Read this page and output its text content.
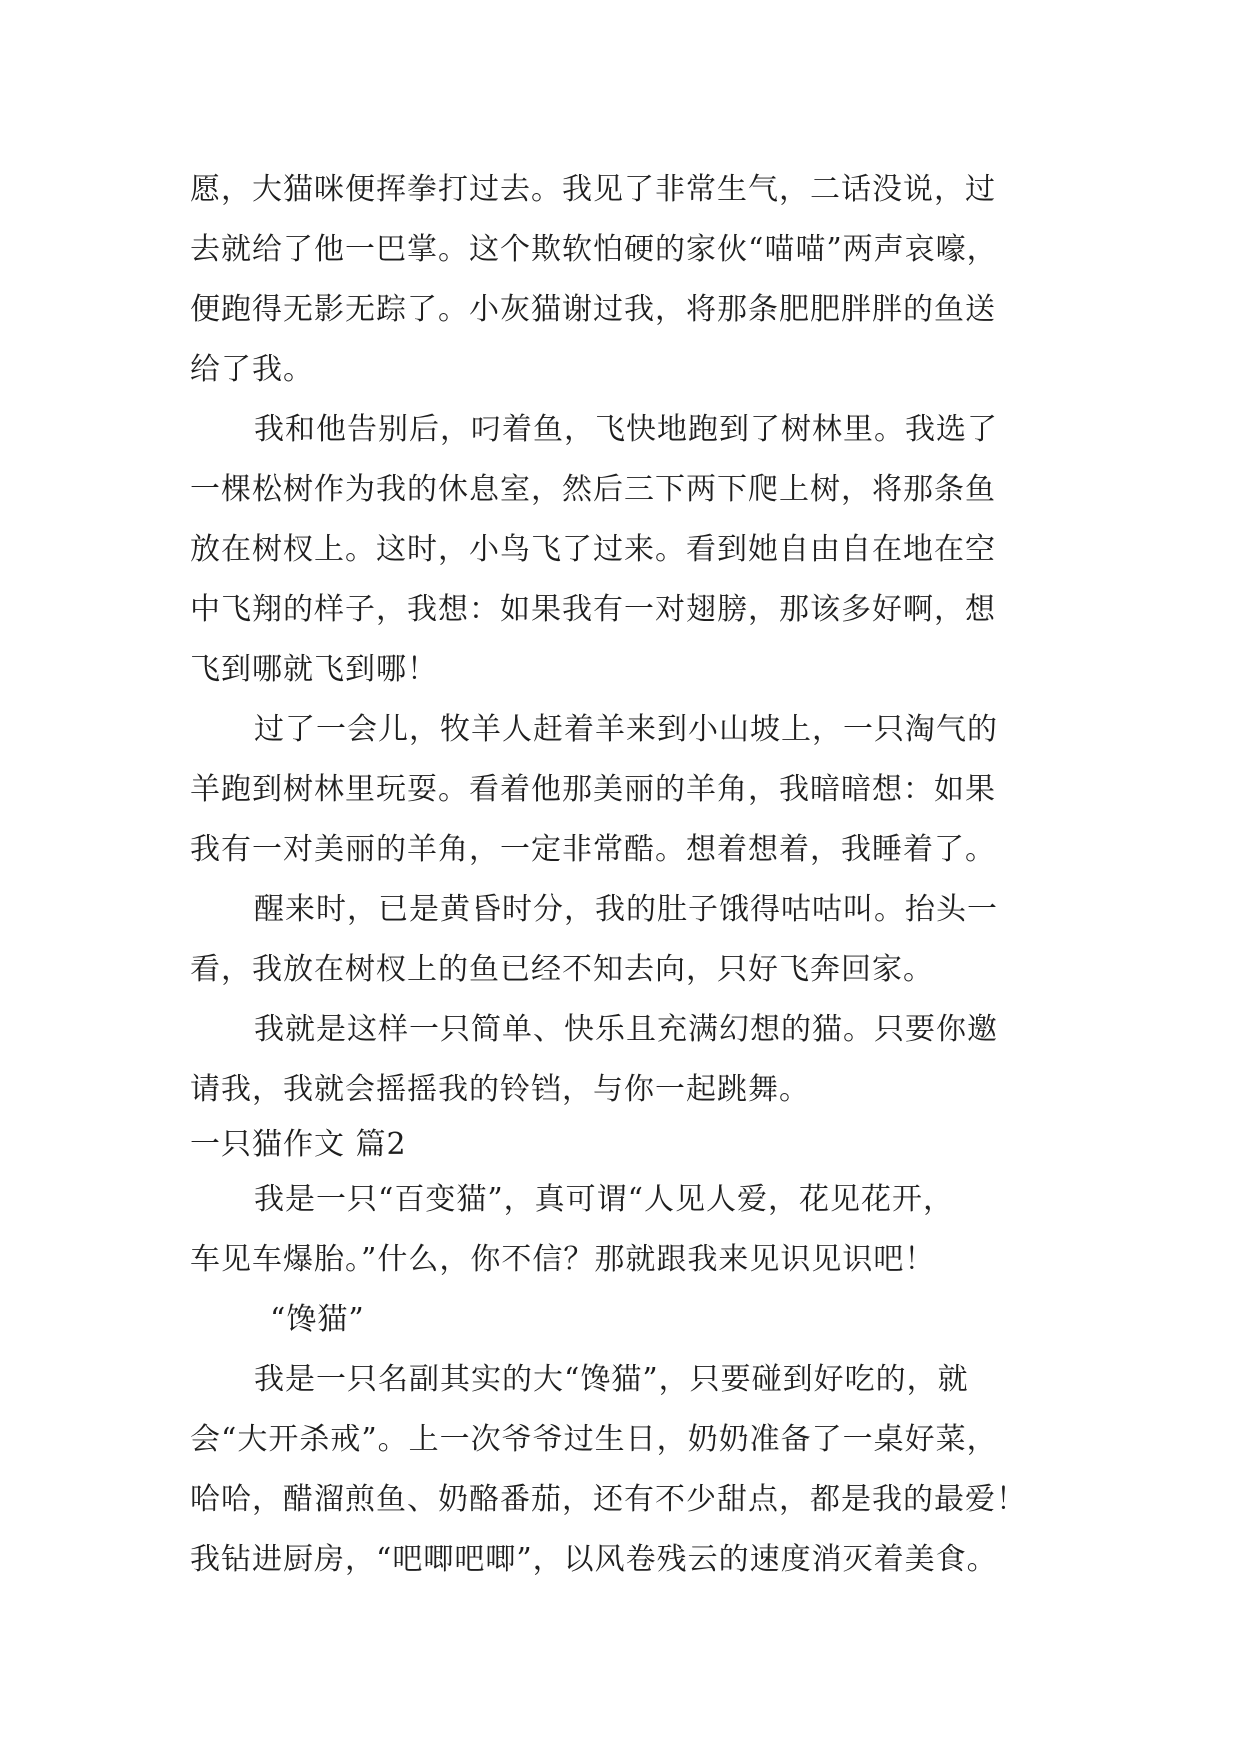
愿，大猫咪便挥拳打过去。我见了非常生气，二话没说，过
去就给了他一巴掌。这个欺软怕硬的家伙“喵喵”两声哀嚎，
便跑得无影无踪了。小灰猫谢过我，将那条肥肥胖胖的鱼送
给了我。
我和他告别后，叼着鱼，飞快地跑到了树林里。我选了
一棵松树作为我的休息室，然后三下两下爬上树，将那条鱼
放在树杈上。这时，小鸟飞了过来。看到她自由自在地在空
中飞翔的样子，我想：如果我有一对翅膀，那该多好啊，想
飞到哪就飞到哪！
过了一会儿，牧羊人赶着羊来到小山坡上，一只淘气的
羊跑到树林里玩耍。看着他那美丽的羊角，我暗暗想：如果
我有一对美丽的羊角，一定非常酷。想着想着，我睡着了。
醒来时，已是黄昏时分，我的肚子饿得咕咕叫。抬头一
看，我放在树杈上的鱼已经不知去向，只好飞奔回家。
我就是这样一只简单、快乐且充满幻想的猫。只要你邀
请我，我就会摇摇我的铃铛，与你一起跳舞。
一只猫作文 篇2
我是一只“百变猫”，真可谓“人见人爱，花见花开，
车见车爆胎。”什么，你不信？那就跟我来见识见识吧！
“馋猫”
我是一只名副其实的大“馋猫”，只要碰到好吃的，就
会“大开杀戒”。上一次爷爷过生日，奶奶准备了一桌好菜，
哈哈，醋溜煎鱼、奶酪番茄，还有不少甜点，都是我的最爱！
我钻进厨房，“吧唧吧唧”，以风卷残云的速度消灭着美食。
